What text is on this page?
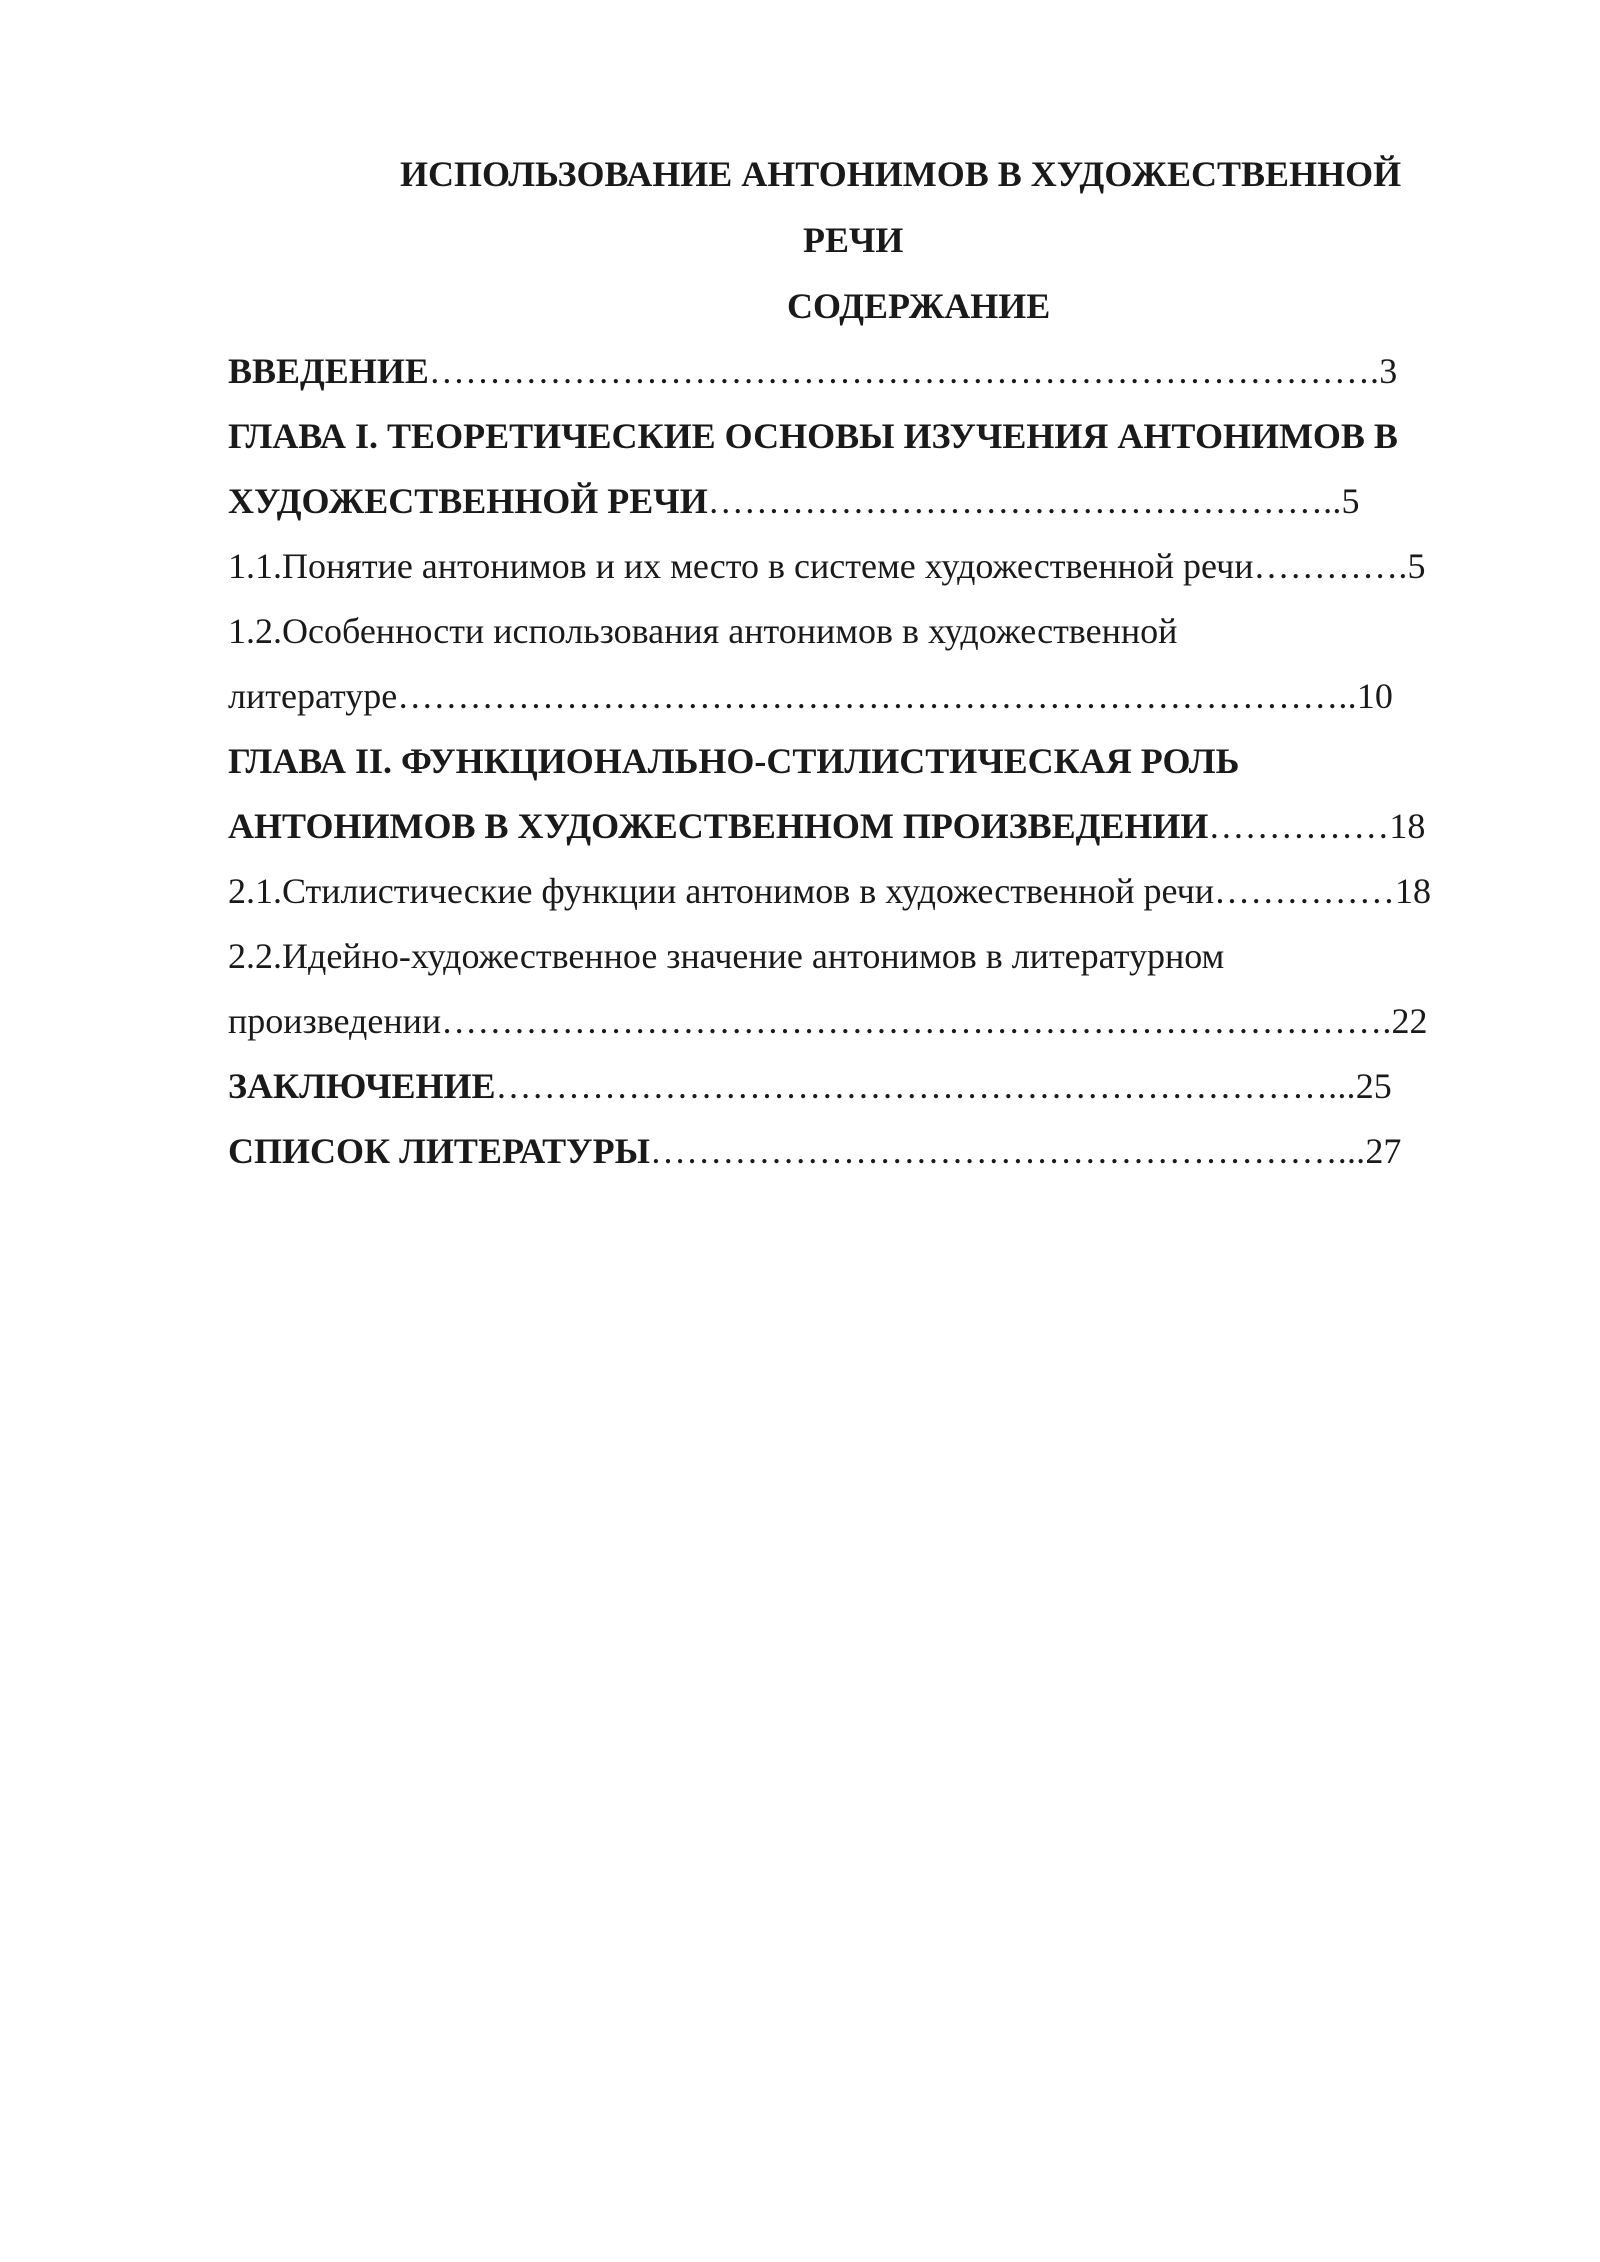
ИСПОЛЬЗОВАНИЕ АНТОНИМОВ В ХУДОЖЕСТВЕННОЙ

РЕЧИ

СОДЕРЖАНИЕ

ВВЕДЕНИЕ…………………………………………………………………….3

ГЛАВА I. ТЕОРЕТИЧЕСКИЕ ОСНОВЫ ИЗУЧЕНИЯ АНТОНИМОВ В

ХУДОЖЕСТВЕННОЙ РЕЧИ……………………………………………..5

1.1.Понятие антонимов и их место в системе художественной речи………….5

1.2.Особенности использования антонимов в художественной

литературе……………………………………………………………………..10

ГЛАВА II. ФУНКЦИОНАЛЬНО-СТИЛИСТИЧЕСКАЯ РОЛЬ

АНТОНИМОВ В ХУДОЖЕСТВЕННОМ ПРОИЗВЕДЕНИИ……………18

2.1.Стилистические функции антонимов в художественной речи……………18

2.2.Идейно-художественное значение антонимов в литературном

произведении…………………………………………………………………….22

ЗАКЛЮЧЕНИЕ……………………………………………………………...25

СПИСОК ЛИТЕРАТУРЫ…………………………………………………...27
